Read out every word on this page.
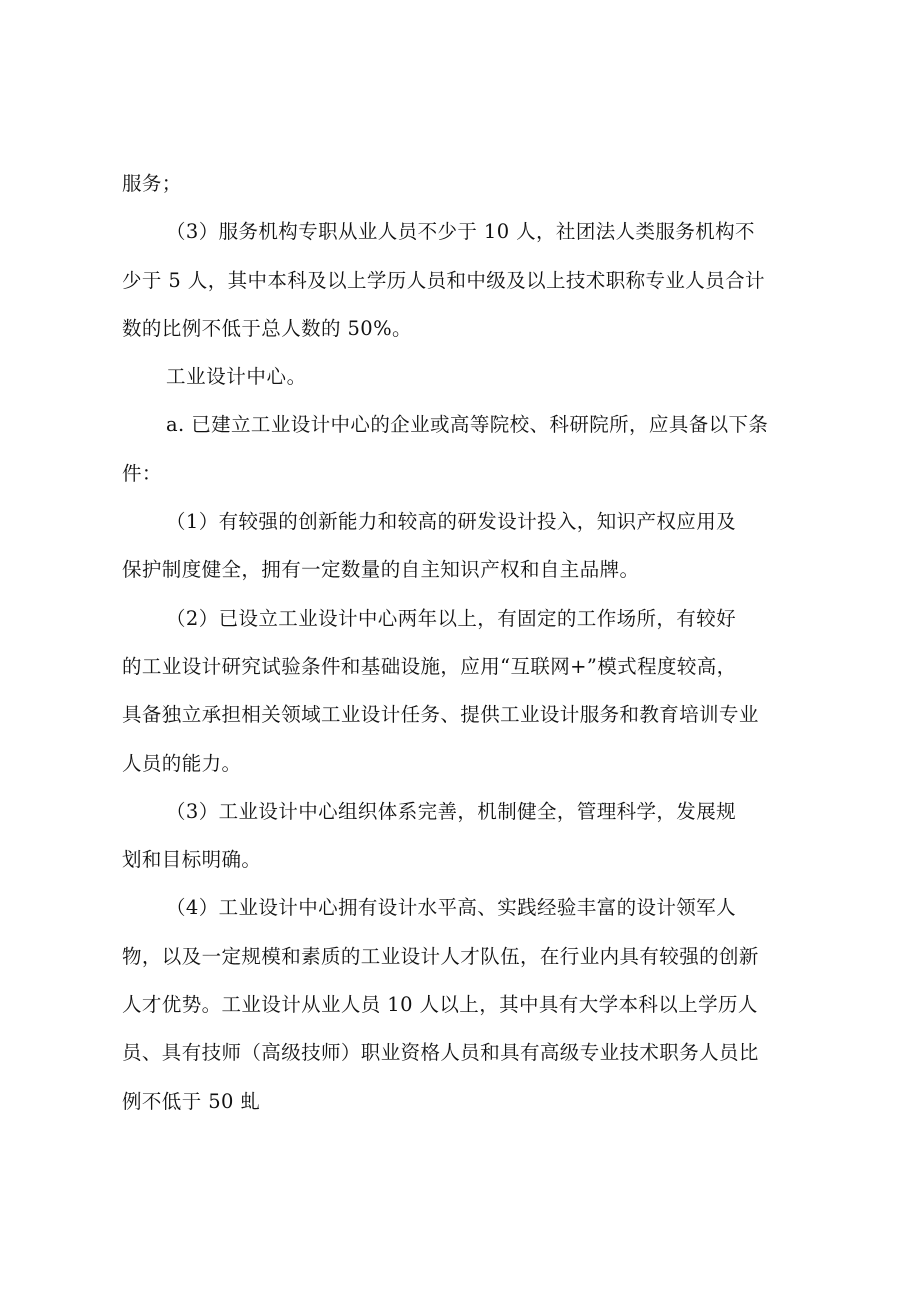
服务；
（3）服务机构专职从业人员不少于 10 人，社团法人类服务机构不
少于 5 人，其中本科及以上学历人员和中级及以上技术职称专业人员合计
数的比例不低于总人数的 50%。
工业设计中心。
a. 已建立工业设计中心的企业或高等院校、科研院所，应具备以下条
件：
（1）有较强的创新能力和较高的研发设计投入，知识产权应用及
保护制度健全，拥有一定数量的自主知识产权和自主品牌。
（2）已设立工业设计中心两年以上，有固定的工作场所，有较好
的工业设计研究试验条件和基础设施，应用“互联网+”模式程度较高，
具备独立承担相关领域工业设计任务、提供工业设计服务和教育培训专业
人员的能力。
（3）工业设计中心组织体系完善，机制健全，管理科学，发展规
划和目标明确。
（4）工业设计中心拥有设计水平高、实践经验丰富的设计领军人
物，以及一定规模和素质的工业设计人才队伍，在行业内具有较强的创新
人才优势。工业设计从业人员 10 人以上，其中具有大学本科以上学历人
员、具有技师（高级技师）职业资格人员和具有高级专业技术职务人员比
例不低于 50 虬
